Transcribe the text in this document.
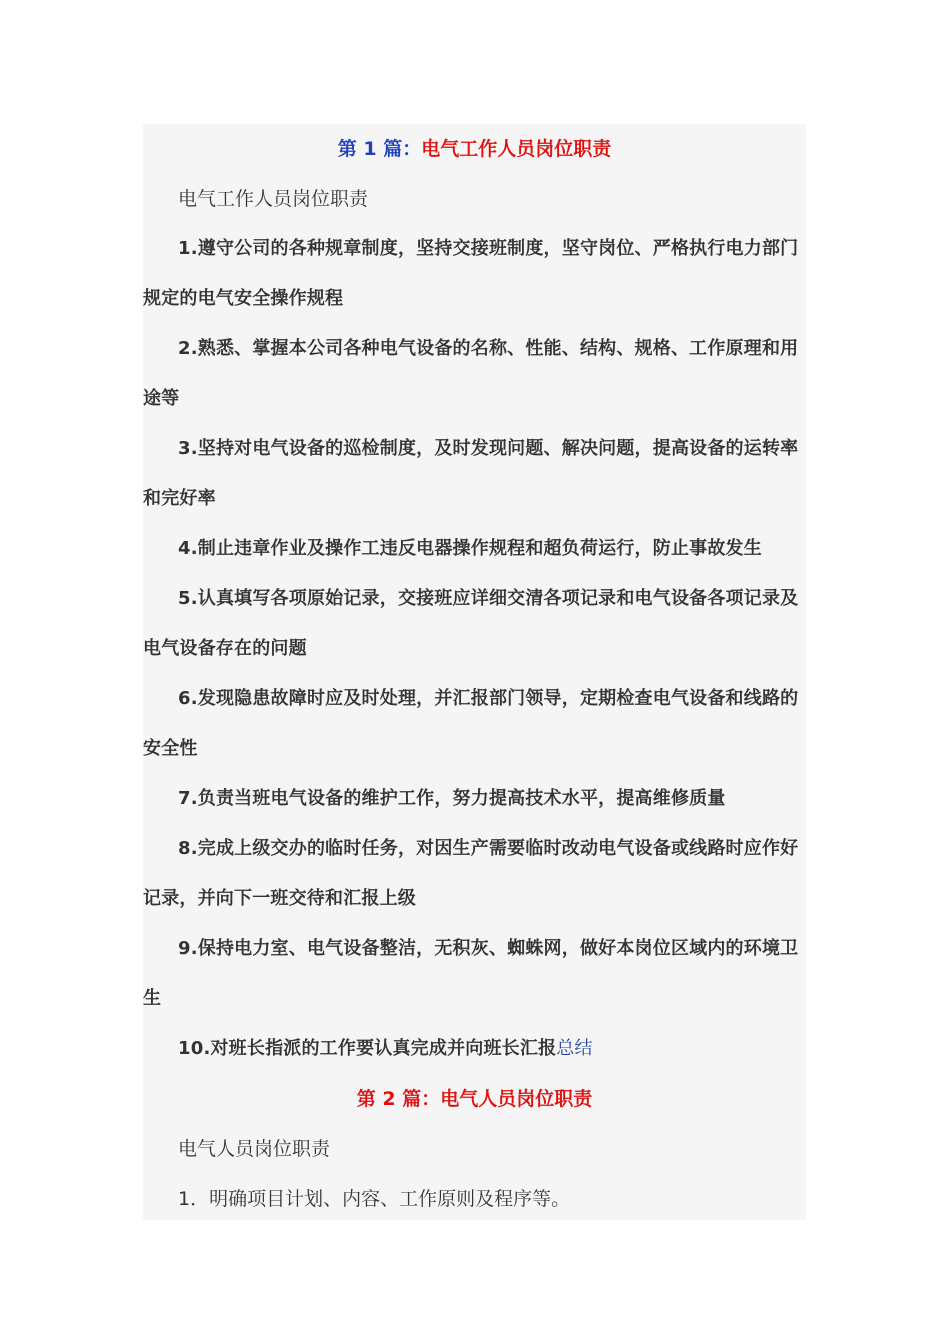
第 1 篇：电气工作人员岗位职责

电气工作人员岗位职责

1.遵守公司的各种规章制度，坚持交接班制度，坚守岗位、严格执行电力部门规定的电气安全操作规程

2.熟悉、掌握本公司各种电气设备的名称、性能、结构、规格、工作原理和用途等

3.坚持对电气设备的巡检制度，及时发现问题、解决问题，提高设备的运转率和完好率

4.制止违章作业及操作工违反电器操作规程和超负荷运行，防止事故发生

5.认真填写各项原始记录，交接班应详细交清各项记录和电气设备各项记录及电气设备存在的问题

6.发现隐患故障时应及时处理，并汇报部门领导，定期检查电气设备和线路的安全性

7.负责当班电气设备的维护工作，努力提高技术水平，提高维修质量

8.完成上级交办的临时任务，对因生产需要临时改动电气设备或线路时应作好记录，并向下一班交待和汇报上级

9.保持电力室、电气设备整洁，无积灰、蜘蛛网，做好本岗位区域内的环境卫生

10.对班长指派的工作要认真完成并向班长汇报总结

第 2 篇：电气人员岗位职责

电气人员岗位职责

1．明确项目计划、内容、工作原则及程序等。
